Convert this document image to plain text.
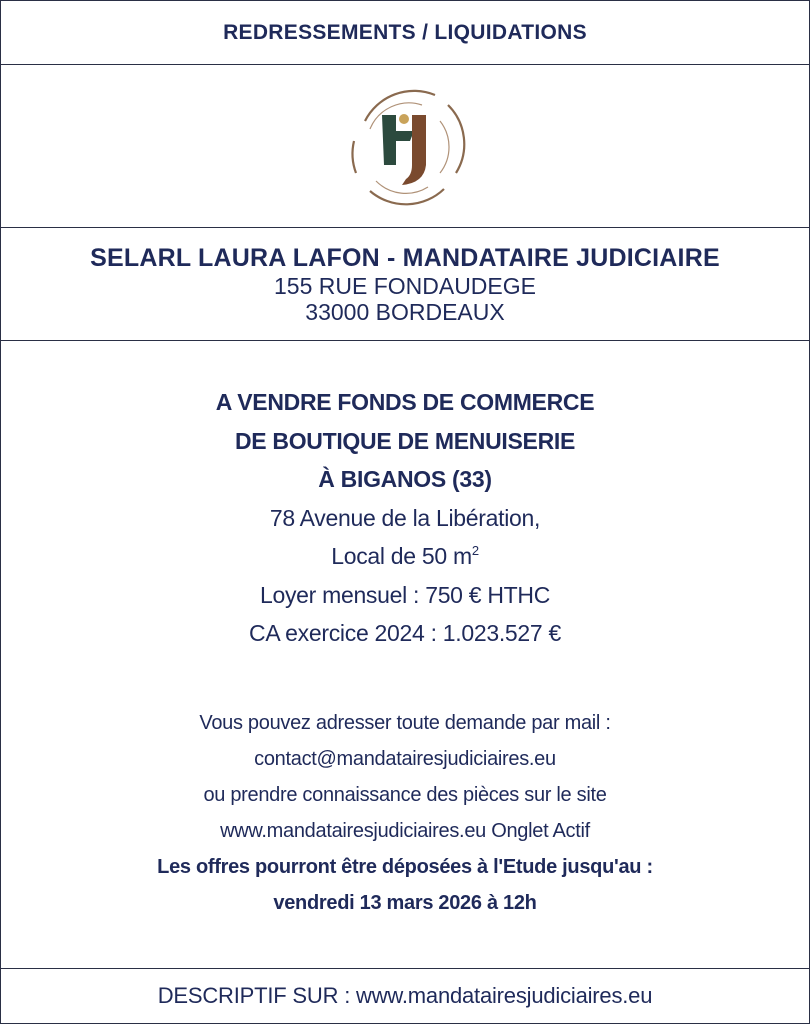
REDRESSEMENTS / LIQUIDATIONS
SELARL LAURA LAFON - MANDATAIRE JUDICIAIRE
155 RUE FONDAUDEGE
33000 BORDEAUX
A VENDRE FONDS DE COMMERCE
DE BOUTIQUE DE MENUISERIE
À BIGANOS (33)
78 Avenue de la Libération,
Local de 50 $m^2$
Loyer mensuel : 750 € HTHC
CA exercice 2024 : 1.023.527 €
Vous pouvez adresser toute demande par mail :
contact@mandatairesjudiciaires.eu
ou prendre connaissance des pièces sur le site
www.mandatairesjudiciaires.eu Onglet Actif
Les offres pourront être déposées à l'Etude jusqu'au :
vendredi 13 mars 2026 à 12h
DESCRIPTIF SUR : www.mandatairesjudiciaires.eu
